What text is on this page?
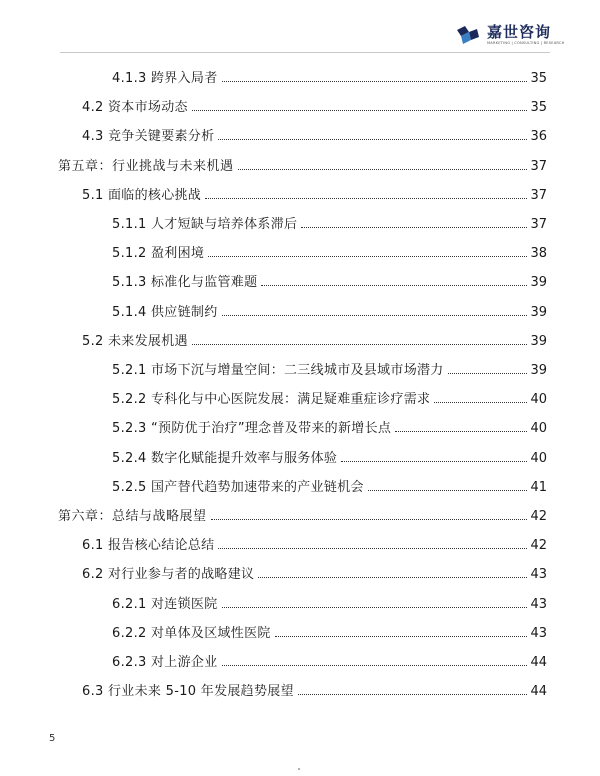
嘉世咨询
MARKETING | CONSULTING | RESEARCH
4.1.3 跨界入局者	35
4.2 资本市场动态	35
4.3 竞争关键要素分析	36
第五章：行业挑战与未来机遇	37
5.1 面临的核心挑战	37
5.1.1 人才短缺与培养体系滞后	37
5.1.2 盈利困境	38
5.1.3 标准化与监管难题	39
5.1.4 供应链制约	39
5.2 未来发展机遇	39
5.2.1 市场下沉与增量空间：二三线城市及县域市场潜力	39
5.2.2 专科化与中心医院发展：满足疑难重症诊疗需求	40
5.2.3 “预防优于治疗”理念普及带来的新增长点	40
5.2.4 数字化赋能提升效率与服务体验	40
5.2.5 国产替代趋势加速带来的产业链机会	41
第六章：总结与战略展望	42
6.1 报告核心结论总结	42
6.2 对行业参与者的战略建议	43
6.2.1 对连锁医院	43
6.2.2 对单体及区域性医院	43
6.2.3 对上游企业	44
6.3 行业未来 5-10 年发展趋势展望	44
5
